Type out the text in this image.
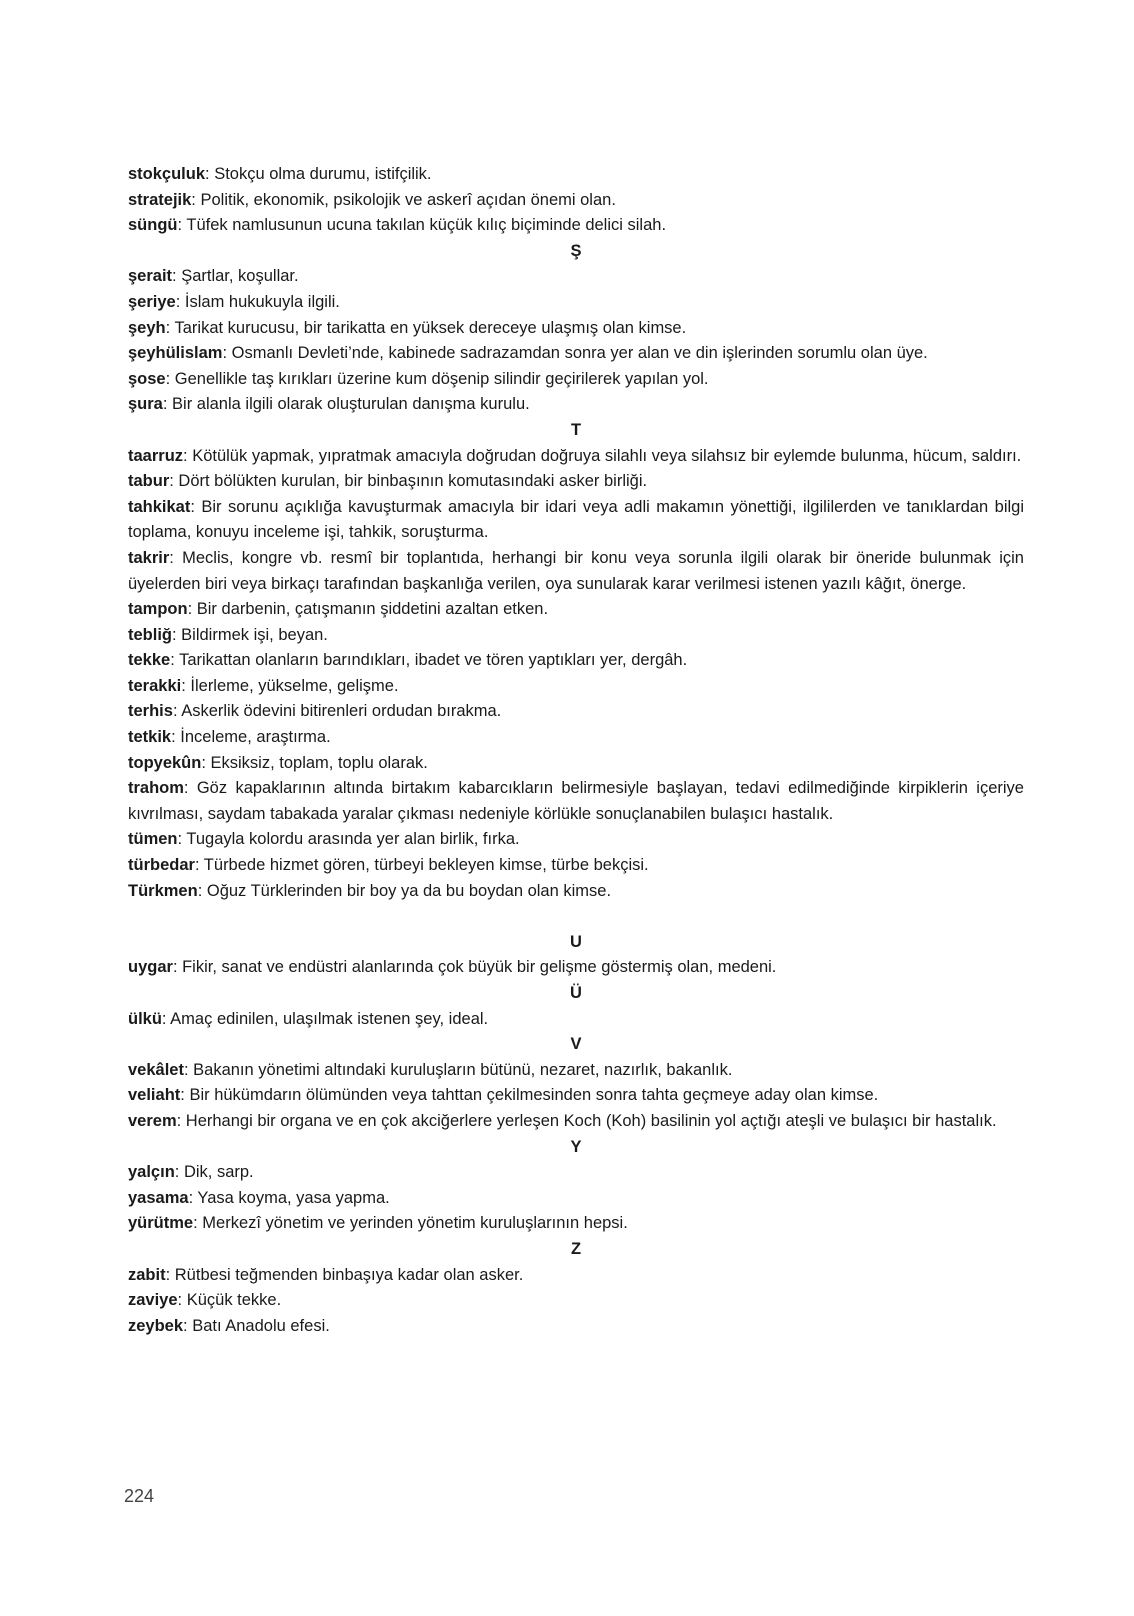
stokçuluk: Stokçu olma durumu, istifçilik.

stratejik: Politik, ekonomik, psikolojik ve askerî açıdan önemi olan.

süngü: Tüfek namlusunun ucuna takılan küçük kılıç biçiminde delici silah.

Ş

şerait: Şartlar, koşullar.

şeriye: İslam hukukuyla ilgili.

şeyh: Tarikat kurucusu, bir tarikatta en yüksek dereceye ulaşmış olan kimse.

şeyhülislam: Osmanlı Devleti’nde, kabinede sadrazamdan sonra yer alan ve din işlerinden sorumlu olan üye.

şose: Genellikle taş kırıkları üzerine kum döşenip silindir geçirilerek yapılan yol.

şura: Bir alanla ilgili olarak oluşturulan danışma kurulu.

T

taarruz: Kötülük yapmak, yıpratmak amacıyla doğrudan doğruya silahlı veya silahsız bir eylemde bulunma, hücum, saldırı.

tabur: Dört bölükten kurulan, bir binbaşının komutasındaki asker birliği.

tahkikat: Bir sorunu açıklığa kavuşturmak amacıyla bir idari veya adli makamın yönettiği, ilgililerden ve tanıklardan bilgi toplama, konuyu inceleme işi, tahkik, soruşturma.

takrir: Meclis, kongre vb. resmî bir toplantıda, herhangi bir konu veya sorunla ilgili olarak bir öneride bulunmak için üyelerden biri veya birkaçı tarafından başkanlığa verilen, oya sunularak karar verilmesi istenen yazılı kâğıt, önerge.

tampon: Bir darbenin, çatışmanın şiddetini azaltan etken.

tebliğ: Bildirmek işi, beyan.

tekke: Tarikattan olanların barındıkları, ibadet ve tören yaptıkları yer, dergâh.

terakki: İlerleme, yükselme, gelişme.

terhis: Askerlik ödevini bitirenleri ordudan bırakma.

tetkik: İnceleme, araştırma.

topyekûn: Eksiksiz, toplam, toplu olarak.

trahom: Göz kapaklarının altında birtakım kabarcıkların belirmesiyle başlayan, tedavi edilmediğinde kirpiklerin içeriye kıvrılması, saydam tabakada yaralar çıkması nedeniyle körlükle sonuçlanabilen bulaşıcı hastalık.

tümen: Tugayla kolordu arasında yer alan birlik, fırka.

türbedar: Türbede hizmet gören, türbeyi bekleyen kimse, türbe bekçisi.

Türkmen: Oğuz Türklerinden bir boy ya da bu boydan olan kimse.

U

uygar: Fikir, sanat ve endüstri alanlarında çok büyük bir gelişme göstermiş olan, medeni.

Ü

ülkü: Amaç edinilen, ulaşılmak istenen şey, ideal.

V

vekâlet: Bakanın yönetimi altındaki kuruluşların bütünü, nezaret, nazırlık, bakanlık.

veliaht: Bir hükümdarın ölümünden veya tahttan çekilmesinden sonra tahta geçmeye aday olan kimse.

verem: Herhangi bir organa ve en çok akciğerlere yerleşen Koch (Koh) basilinin yol açtığı ateşli ve bulaşıcı bir hastalık.

Y

yalçın: Dik, sarp.

yasama: Yasa koyma, yasa yapma.

yürütme: Merkezî yönetim ve yerinden yönetim kuruluşlarının hepsi.

Z

zabit: Rütbesi teğmenden binbaşıya kadar olan asker.

zaviye: Küçük tekke.

zeybek: Batı Anadolu efesi.

224
